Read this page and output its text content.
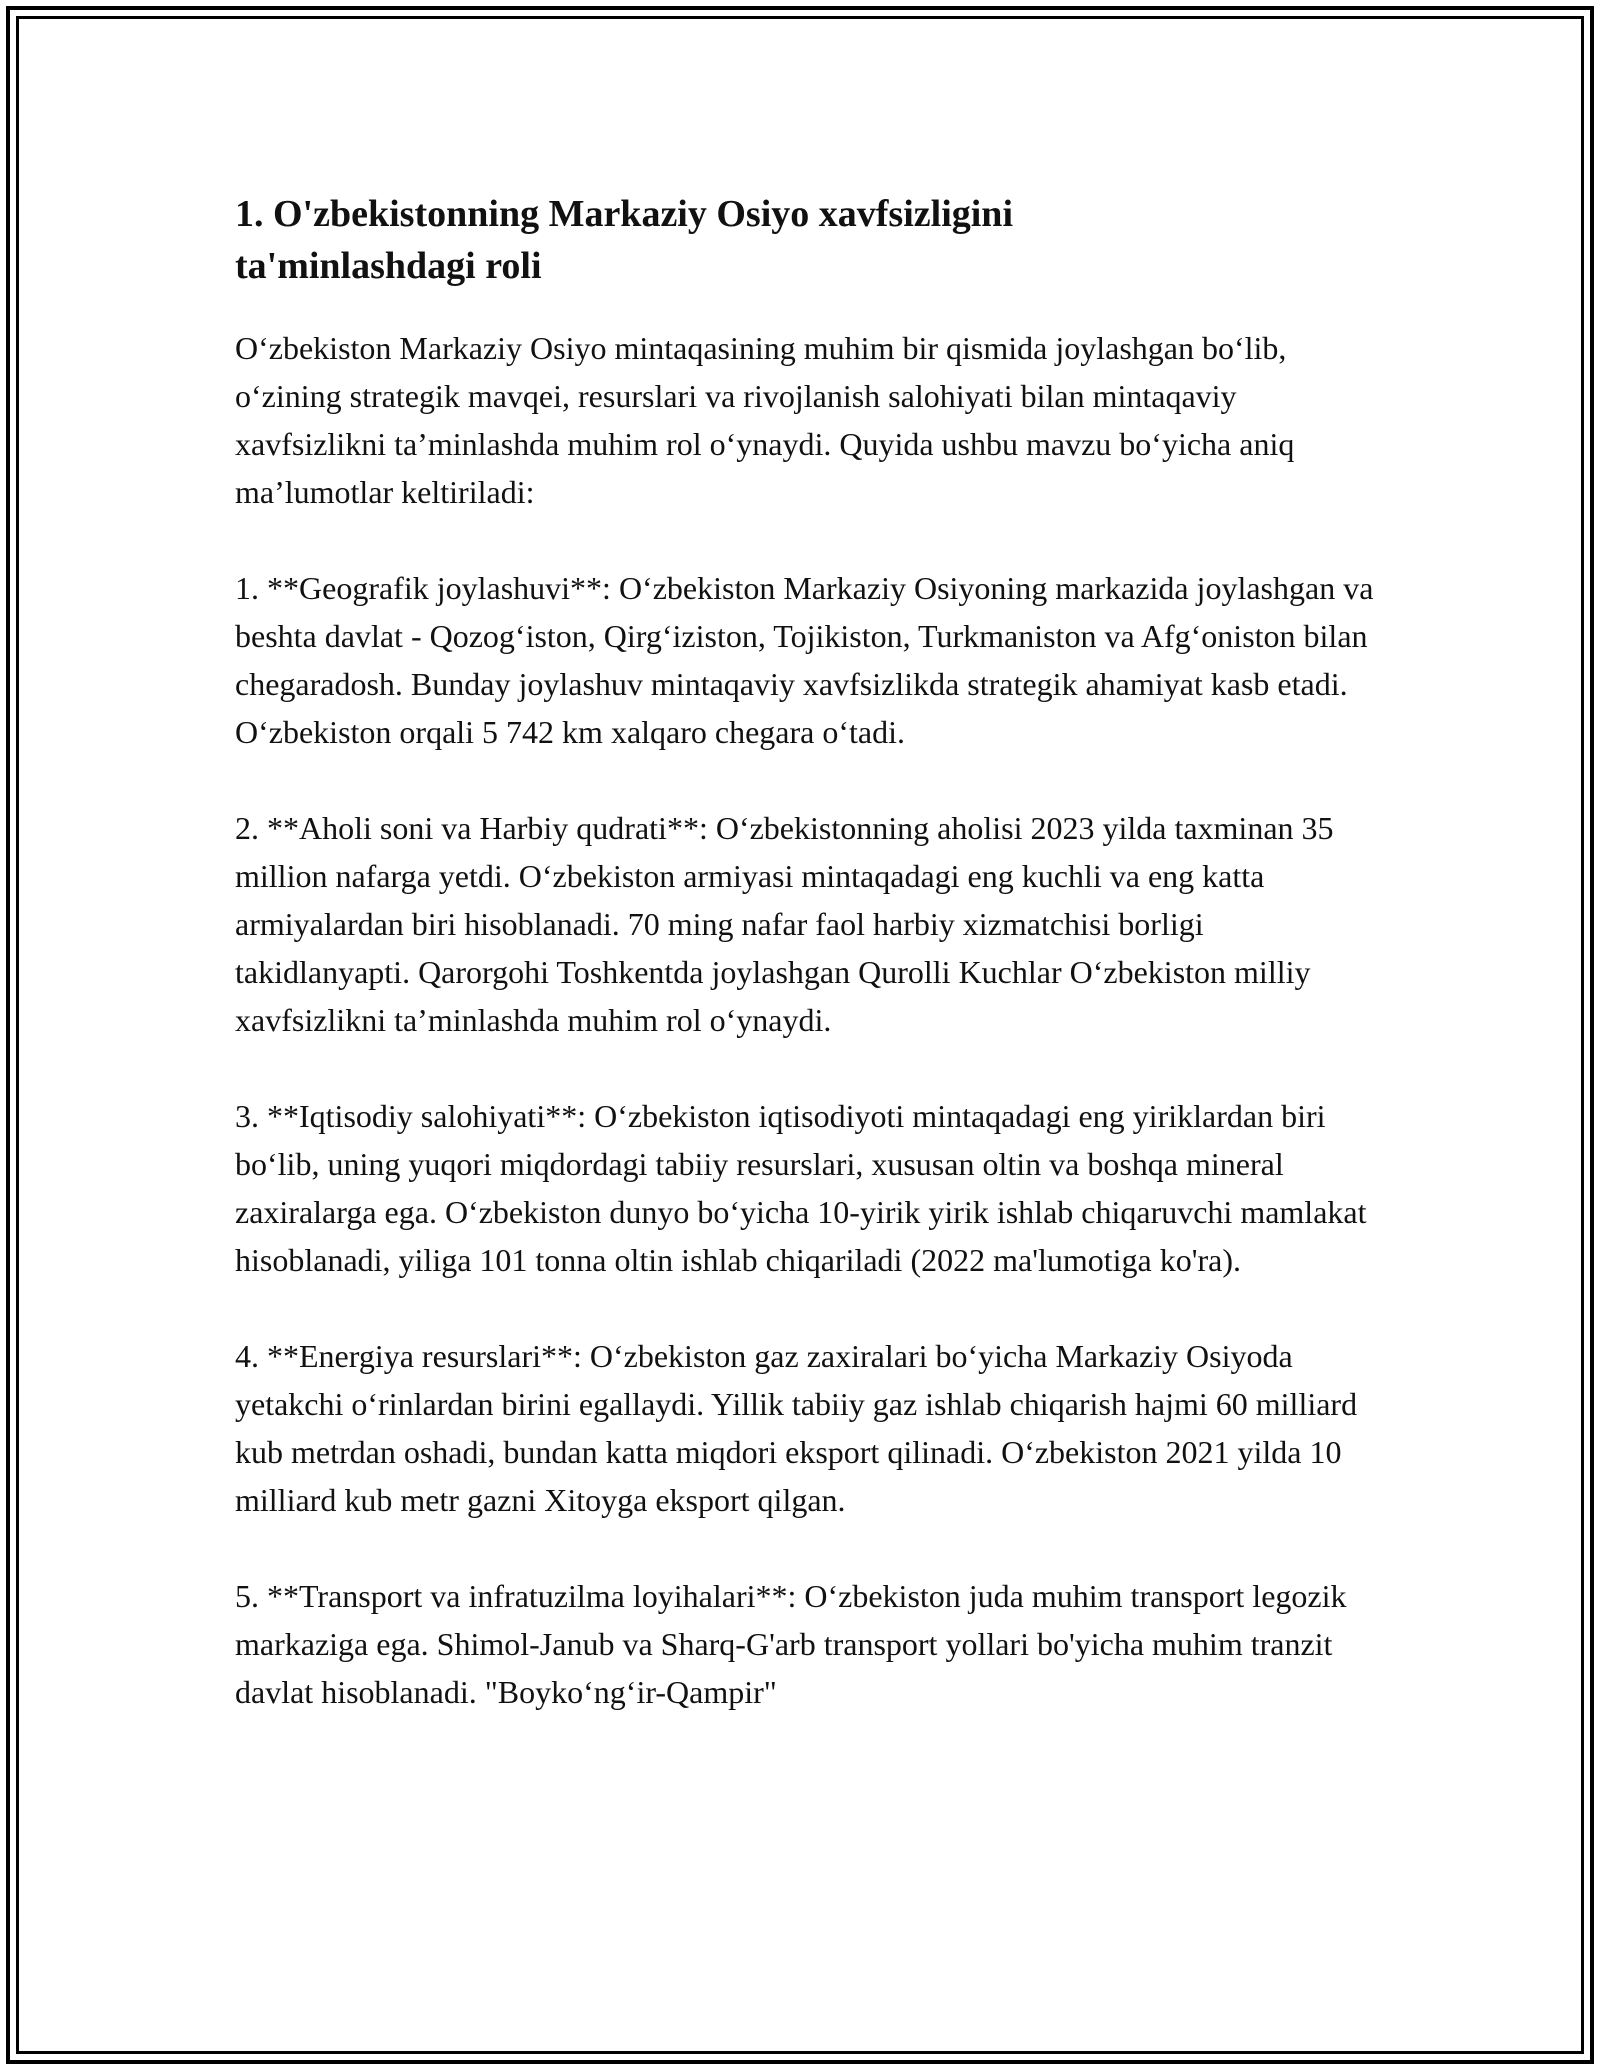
1. O'zbekistonning Markaziy Osiyo xavfsizligini ta'minlashdagi roli

O‘zbekiston Markaziy Osiyo mintaqasining muhim bir qismida joylashgan bo‘lib, o‘zining strategik mavqei, resurslari va rivojlanish salohiyati bilan mintaqaviy xavfsizlikni ta’minlashda muhim rol o‘ynaydi. Quyida ushbu mavzu bo‘yicha aniq ma’lumotlar keltiriladi:

1. **Geografik joylashuvi**: O‘zbekiston Markaziy Osiyoning markazida joylashgan va beshta davlat - Qozog‘iston, Qirg‘iziston, Tojikiston, Turkmaniston va Afg‘oniston bilan chegaradosh. Bunday joylashuv mintaqaviy xavfsizlikda strategik ahamiyat kasb etadi. O‘zbekiston orqali 5 742 km xalqaro chegara o‘tadi.

2. **Aholi soni va Harbiy qudrati**: O‘zbekistonning aholisi 2023 yilda taxminan 35 million nafarga yetdi. O‘zbekiston armiyasi mintaqadagi eng kuchli va eng katta armiyalardan biri hisoblanadi. 70 ming nafar faol harbiy xizmatchisi borligi takidlanyapti. Qarorgohi Toshkentda joylashgan Qurolli Kuchlar O‘zbekiston milliy xavfsizlikni ta’minlashda muhim rol o‘ynaydi.

3. **Iqtisodiy salohiyati**: O‘zbekiston iqtisodiyoti mintaqadagi eng yiriklardan biri bo‘lib, uning yuqori miqdordagi tabiiy resurslari, xususan oltin va boshqa mineral zaxiralarga ega. O‘zbekiston dunyo bo‘yicha 10-yirik yirik ishlab chiqaruvchi mamlakat hisoblanadi, yiliga 101 tonna oltin ishlab chiqariladi (2022 ma'lumotiga ko'ra).

4. **Energiya resurslari**: O‘zbekiston gaz zaxiralari bo‘yicha Markaziy Osiyoda yetakchi o‘rinlardan birini egallaydi. Yillik tabiiy gaz ishlab chiqarish hajmi 60 milliard kub metrdan oshadi, bundan katta miqdori eksport qilinadi. O‘zbekiston 2021 yilda 10 milliard kub metr gazni Xitoyga eksport qilgan.

5. **Transport va infratuzilma loyihalari**: O‘zbekiston juda muhim transport legozik markaziga ega. Shimol-Janub va Sharq-G'arb transport yollari bo'yicha muhim tranzit davlat hisoblanadi. "Boyko‘ng‘ir-Qampir"
